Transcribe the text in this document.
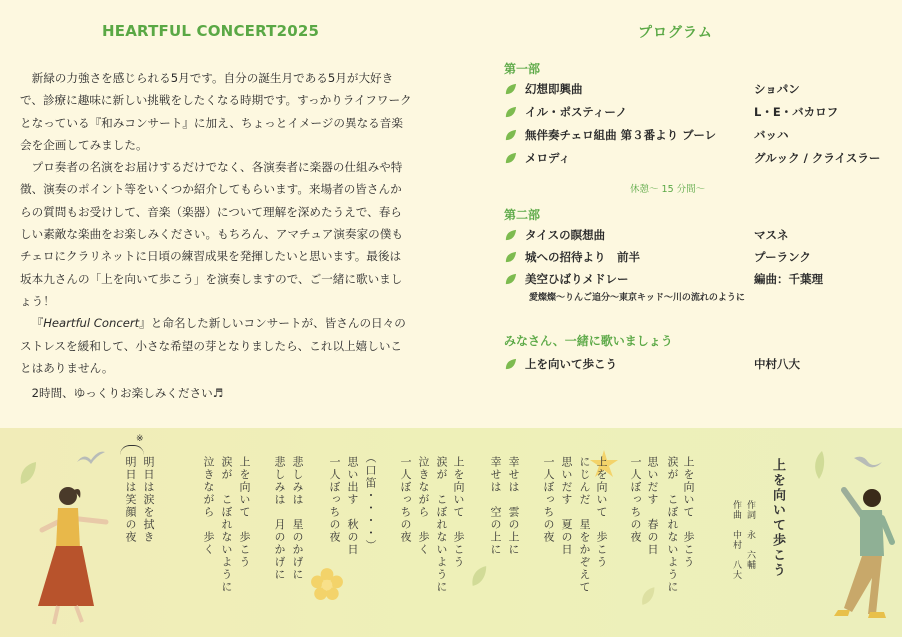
HEARTFUL CONCERT2025

新緑の力強さを感じられる5月です。自分の誕生月である5月が大好きで、診療に趣味に新しい挑戦をしたくなる時期です。すっかりライフワークとなっている『和みコンサート』に加え、ちょっとイメージの異なる音楽会を企画してみました。

プロ奏者の名演をお届けするだけでなく、各演奏者に楽器の仕組みや特徴、演奏のポイント等をいくつか紹介してもらいます。来場者の皆さんからの質問もお受けして、音楽（楽器）について理解を深めたうえで、春らしい素敵な楽曲をお楽しみください。もちろん、アマチュア演奏家の僕もチェロにクラリネットに日頃の練習成果を発揮したいと思います。最後は坂本九さんの「上を向いて歩こう」を演奏しますので、ご一緒に歌いましょう！

『Heartful Concert』と命名した新しいコンサートが、皆さんの日々のストレスを緩和して、小さな希望の芽となりましたら、これ以上嬉しいことはありません。

2時間、ゆっくりお楽しみください♬

プログラム
第一部
幻想即興曲	ショパン
イル・ポスティーノ	L・E・バカロフ
無伴奏チェロ組曲 第３番より ブーレ	バッハ
メロディ	グルック / クライスラー
休憩～ 15 分間～
第二部
タイスの瞑想曲	マスネ
城への招待より　前半	プーランク
美空ひばりメドレー	編曲：千葉理
愛燦燦～りんご追分～東京キッド～川の流れのように
みなさん、一緒に歌いましょう
上を向いて歩こう	中村八大
上を向いて歩こう
作詞　永　六輔
作曲　中村　八大
上を向いて　歩こう
涙が　こぼれないように
思いだす　春の日
一人ぼっちの夜
上を向いて　歩こう
にじんだ　星をかぞえて
思いだす　夏の日
一人ぼっちの夜
幸せは　雲の上に
幸せは　空の上に
上を向いて　歩こう
涙が　こぼれないように
泣きながら　歩く
一人ぼっちの夜
（口笛・・・・）
思い出す　秋の日
一人ぼっちの夜
悲しみは　星のかげに
悲しみは　月のかげに
上を向いて　歩こう
涙が　こぼれないように
泣きながら　歩く
※
明日は涙を拭き
明日は笑顔の夜
